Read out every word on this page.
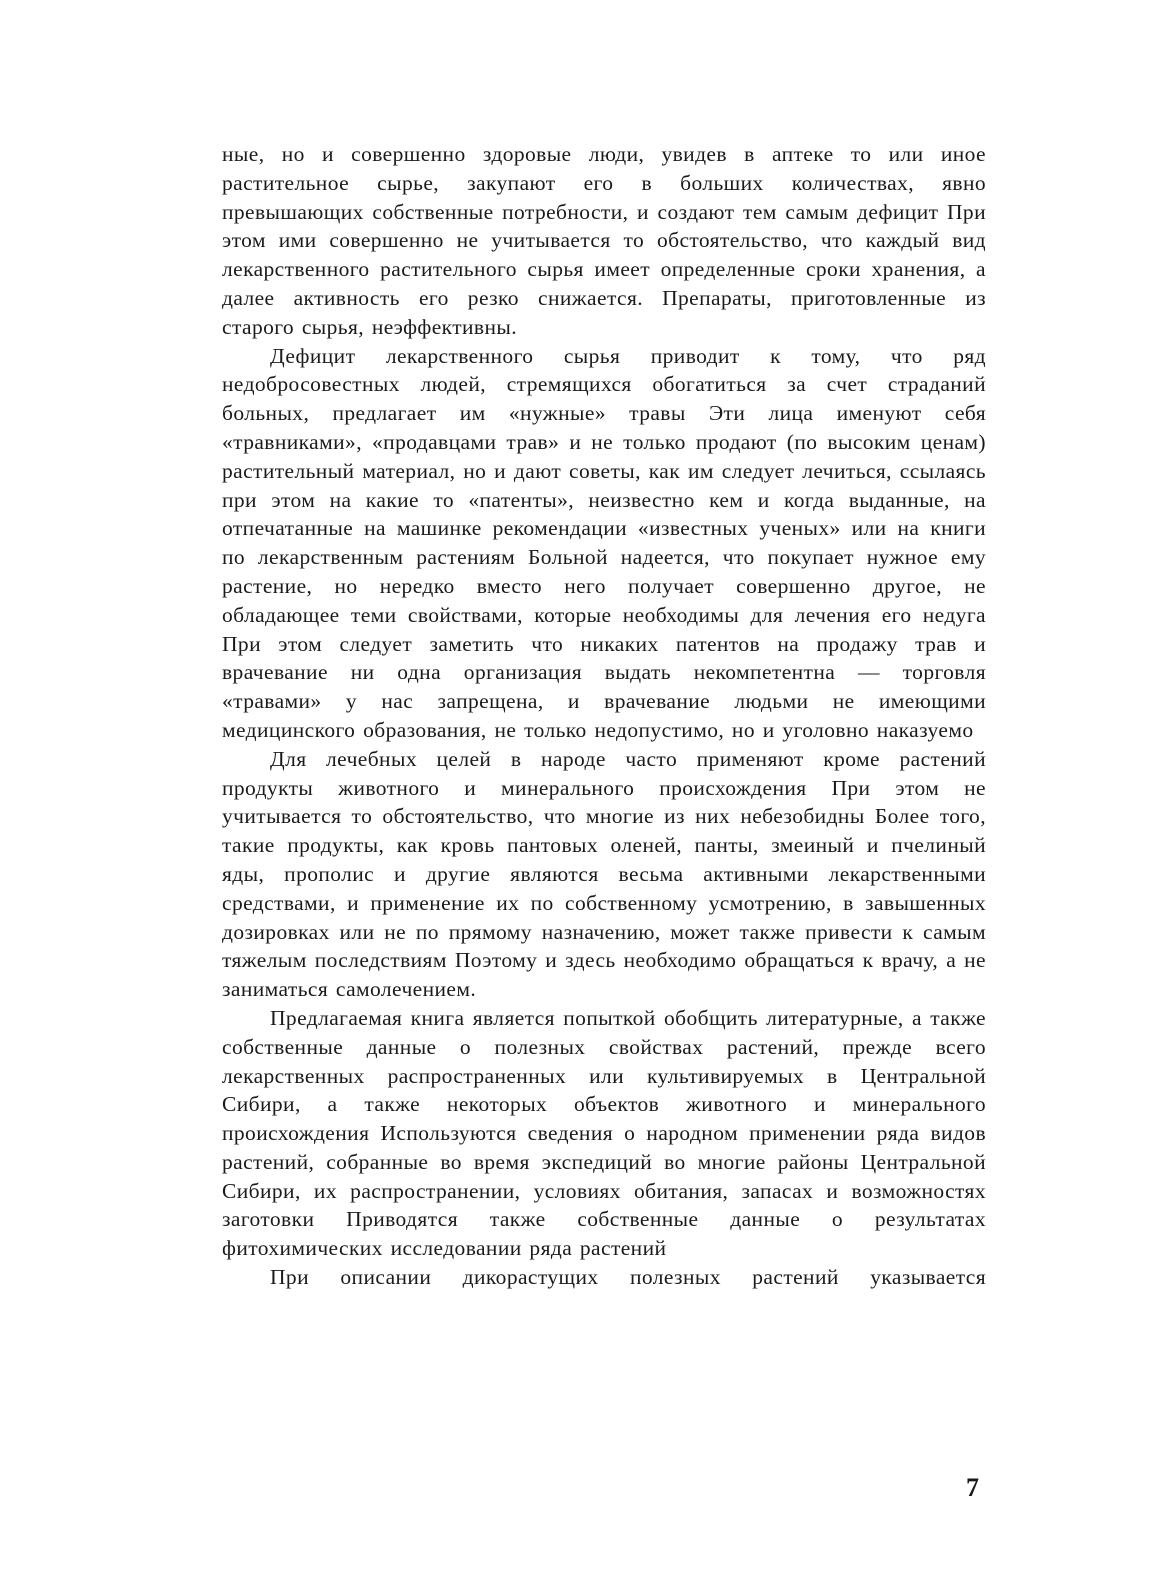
ные, но и совершенно здоровые люди, увидев в аптеке то или иное растительное сырье, закупают его в больших количествах, явно превышающих собственные потребности, и создают тем самым дефицит При этом ими совершенно не учитывается то обстоятельство, что каждый вид лекарственного растительного сырья имеет определенные сроки хранения, а далее активность его резко снижается. Препараты, приготовленные из старого сырья, неэффективны.

Дефицит лекарственного сырья приводит к тому, что ряд недобросовестных людей, стремящихся обогатиться за счет страданий больных, предлагает им «нужные» травы Эти лица именуют себя «травниками», «продавцами трав» и не только продают (по высоким ценам) растительный материал, но и дают советы, как им следует лечиться, ссылаясь при этом на какие то «патенты», неизвестно кем и когда выданные, на отпечатанные на машинке рекомендации «известных ученых» или на книги по лекарственным растениям Больной надеется, что покупает нужное ему растение, но нередко вместо него получает совершенно другое, не обладающее теми свойствами, которые необходимы для лечения его недуга При этом следует заметить что никаких патентов на продажу трав и врачевание ни одна организация выдать некомпетентна — торговля «травами» у нас запрещена, и врачевание людьми не имеющими медицинского образования, не только недопустимо, но и уголовно наказуемо

Для лечебных целей в народе часто применяют кроме растений продукты животного и минерального происхождения При этом не учитывается то обстоятельство, что многие из них небезобидны Более того, такие продукты, как кровь пантовых оленей, панты, змеиный и пчелиный яды, прополис и другие являются весьма активными лекарственными средствами, и применение их по собственному усмотрению, в завышенных дозировках или не по прямому назначению, может также привести к самым тяжелым последствиям Поэтому и здесь необходимо обращаться к врачу, а не заниматься самолечением.

Предлагаемая книга является попыткой обобщить литературные, а также собственные данные о полезных свойствах растений, прежде всего лекарственных распространенных или культивируемых в Центральной Сибири, а также некоторых объектов животного и минерального происхождения Используются сведения о народном применении ряда видов растений, собранные во время экспедиций во многие районы Центральной Сибири, их распространении, условиях обитания, запасах и возможностях заготовки Приводятся также собственные данные о результатах фитохимических исследовании ряда растений

При описании дикорастущих полезных растений указывается

7
